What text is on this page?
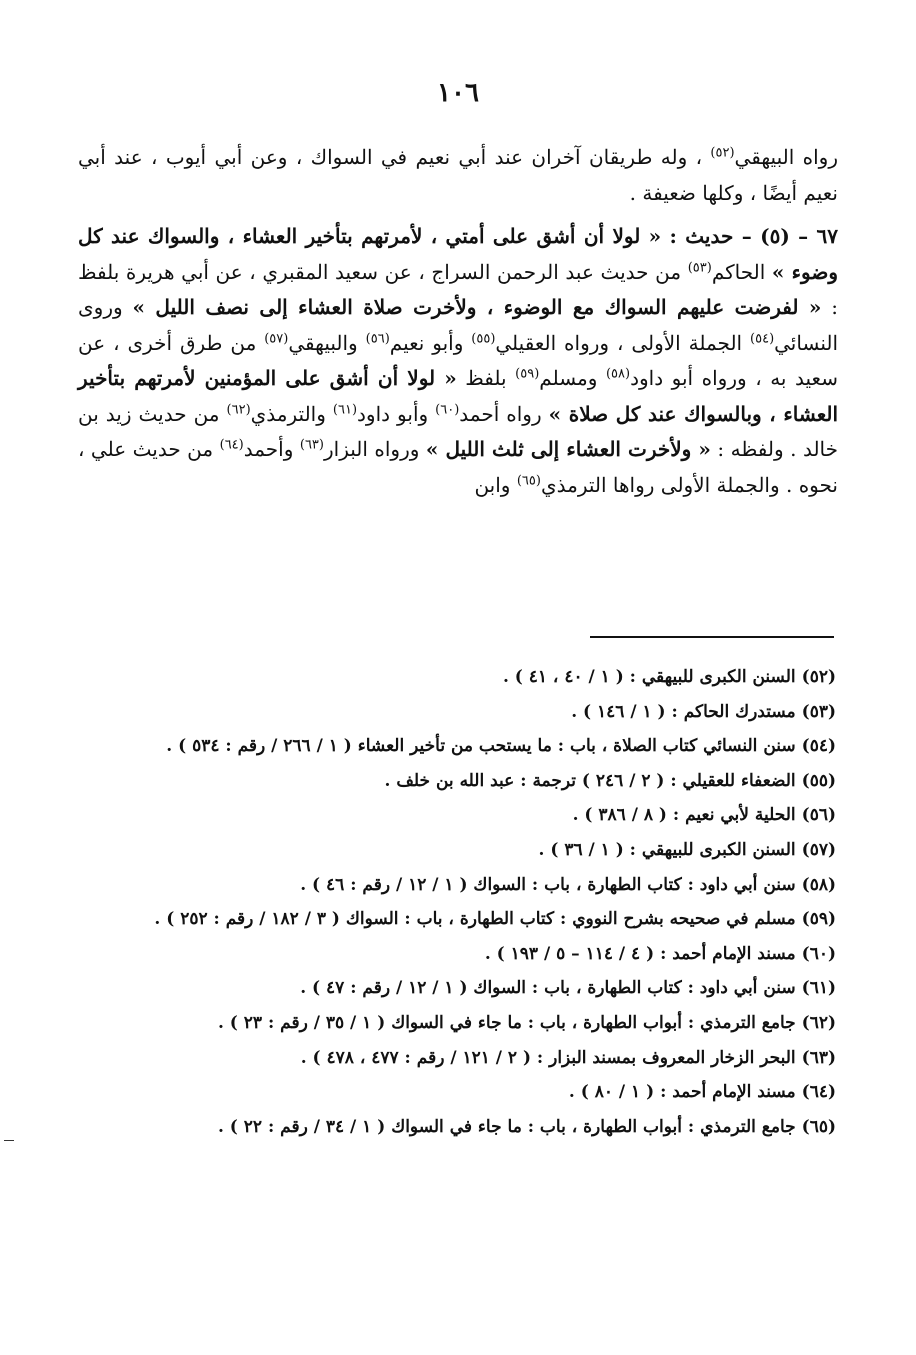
١٠٦

رواه البيهقي$^{(٥٢)}$ ، وله طريقان آخران عند أبي نعيم في السواك ، وعن أبي أيوب ، عند أبي نعيم أيضًا ، وكلها ضعيفة .

٦٧ – (٥) – حديث : « لولا أن أشق على أمتي ، لأمرتهم بتأخير العشاء ، والسواك عند كل وضوء » الحاكم$^{(٥٣)}$ من حديث عبد الرحمن السراج ، عن سعيد المقبري ، عن أبي هريرة بلفظ : « لفرضت عليهم السواك مع الوضوء ، ولأخرت صلاة العشاء إلى نصف الليل » وروى النسائي$^{(٥٤)}$ الجملة الأولى ، ورواه العقيلي$^{(٥٥)}$ وأبو نعيم$^{(٥٦)}$ والبيهقي$^{(٥٧)}$ من طرق أخرى ، عن سعيد به ، ورواه أبو داود$^{(٥٨)}$ ومسلم$^{(٥٩)}$ بلفظ « لولا أن أشق على المؤمنين لأمرتهم بتأخير العشاء ، وبالسواك عند كل صلاة » رواه أحمد$^{(٦٠)}$ وأبو داود$^{(٦١)}$ والترمذي$^{(٦٢)}$ من حديث زيد بن خالد . ولفظه : « ولأخرت العشاء إلى ثلث الليل » ورواه البزار$^{(٦٣)}$ وأحمد$^{(٦٤)}$ من حديث علي ، نحوه . والجملة الأولى رواها الترمذي$^{(٦٥)}$ وابن

(٥٢)السنن الكبرى للبيهقي : ( ١ / ٤٠ ، ٤١ ) .

(٥٣)مستدرك الحاكم : ( ١ / ١٤٦ ) .

(٥٤)سنن النسائي كتاب الصلاة ، باب : ما يستحب من تأخير العشاء ( ١ / ٢٦٦ / رقم : ٥٣٤ ) .

(٥٥)الضعفاء للعقيلي : ( ٢ / ٢٤٦ ) ترجمة : عبد الله بن خلف .

(٥٦)الحلية لأبي نعيم : ( ٨ / ٣٨٦ ) .

(٥٧)السنن الكبرى للبيهقي : ( ١ / ٣٦ ) .

(٥٨)سنن أبي داود : كتاب الطهارة ، باب : السواك ( ١ / ١٢ / رقم : ٤٦ ) .

(٥٩)مسلم في صحيحه بشرح النووي : كتاب الطهارة ، باب : السواك ( ٣ / ١٨٢ / رقم : ٢٥٢ ) .

(٦٠)مسند الإمام أحمد : ( ٤ / ١١٤ – ٥ / ١٩٣ ) .

(٦١)سنن أبي داود : كتاب الطهارة ، باب : السواك ( ١ / ١٢ / رقم : ٤٧ ) .

(٦٢)جامع الترمذي : أبواب الطهارة ، باب : ما جاء في السواك ( ١ / ٣٥ / رقم : ٢٣ ) .

(٦٣)البحر الزخار المعروف بمسند البزار : ( ٢ / ١٢١ / رقم : ٤٧٧ ، ٤٧٨ ) .

(٦٤)مسند الإمام أحمد : ( ١ / ٨٠ ) .

(٦٥)جامع الترمذي : أبواب الطهارة ، باب : ما جاء في السواك ( ١ / ٣٤ / رقم : ٢٢ ) .
